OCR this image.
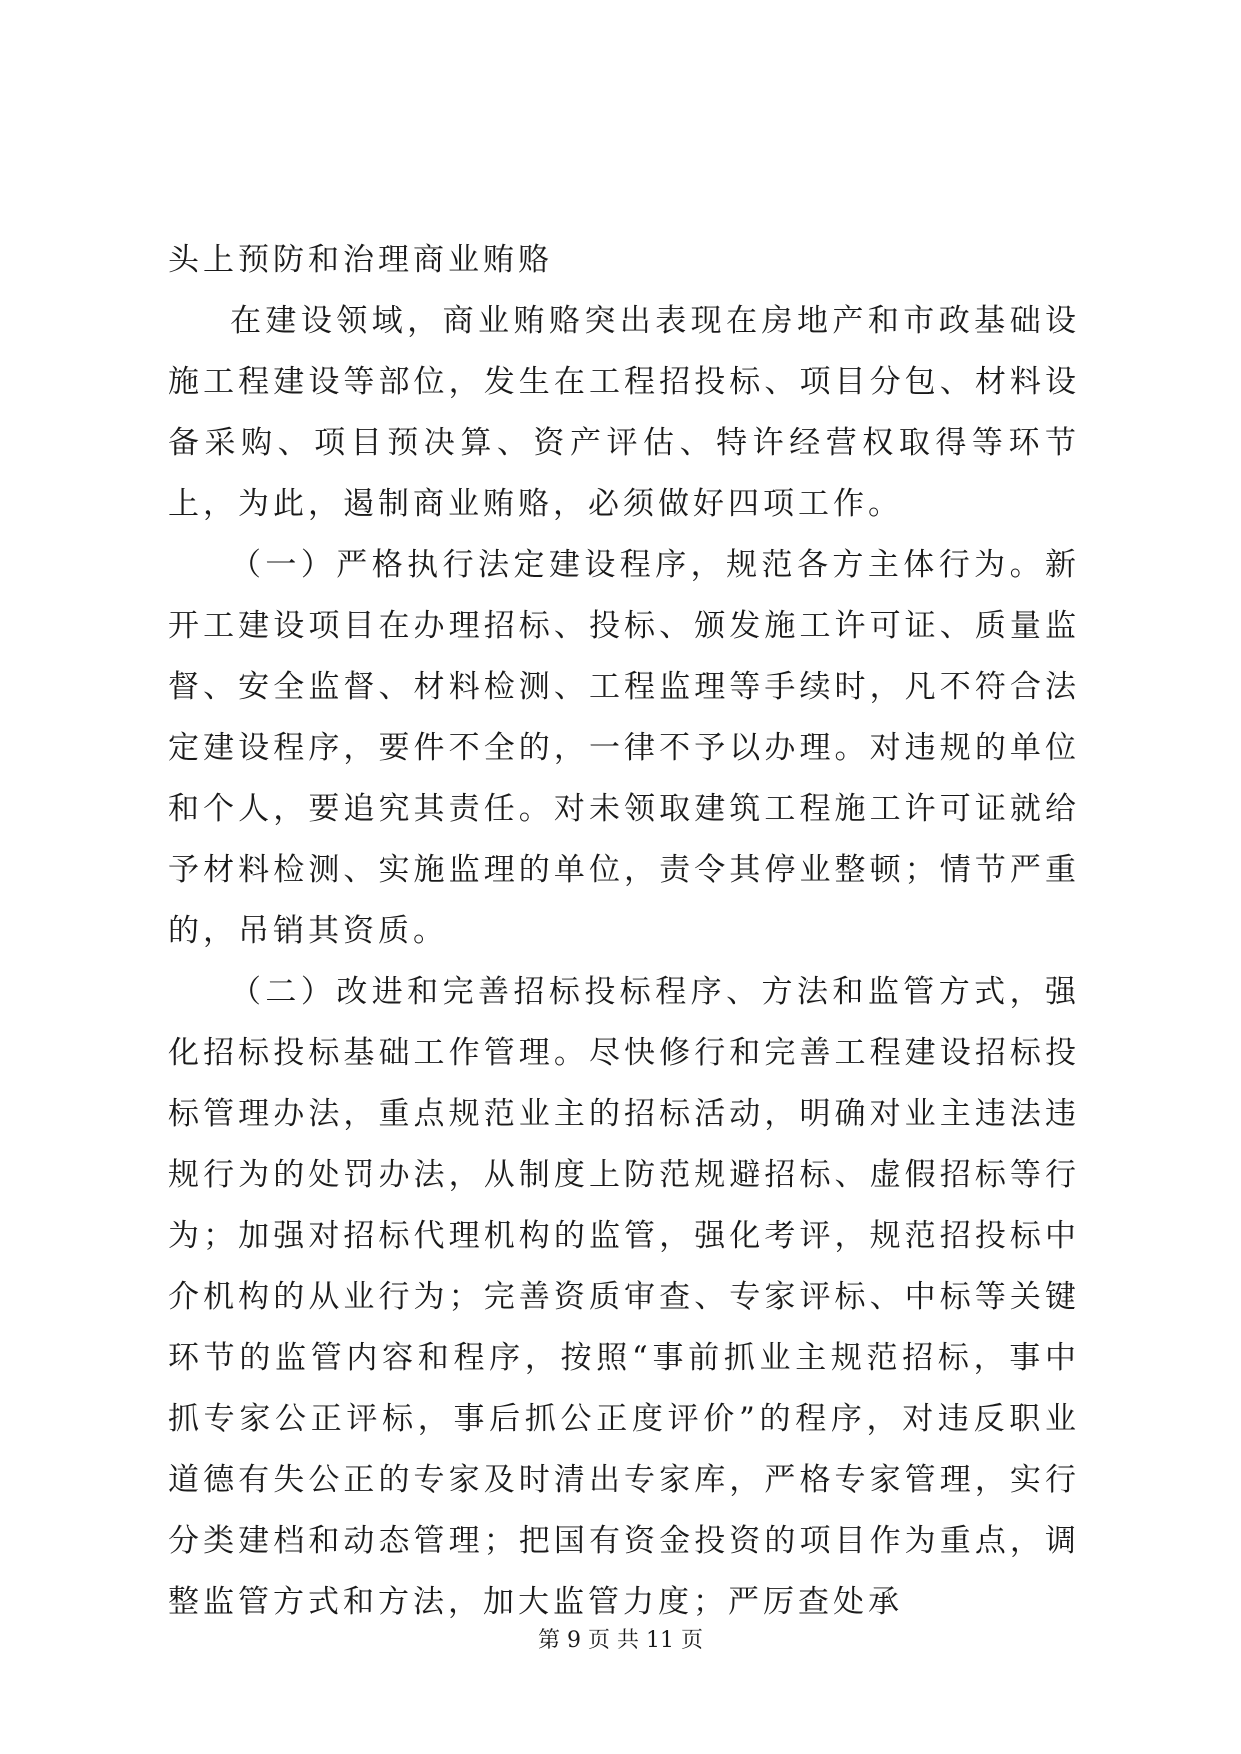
头上预防和治理商业贿赂

在建设领域，商业贿赂突出表现在房地产和市政基础设施工程建设等部位，发生在工程招投标、项目分包、材料设备采购、项目预决算、资产评估、特许经营权取得等环节上，为此，遏制商业贿赂，必须做好四项工作。

（一）严格执行法定建设程序，规范各方主体行为。新开工建设项目在办理招标、投标、颁发施工许可证、质量监督、安全监督、材料检测、工程监理等手续时，凡不符合法定建设程序，要件不全的，一律不予以办理。对违规的单位和个人，要追究其责任。对未领取建筑工程施工许可证就给予材料检测、实施监理的单位，责令其停业整顿；情节严重的，吊销其资质。

（二）改进和完善招标投标程序、方法和监管方式，强化招标投标基础工作管理。尽快修行和完善工程建设招标投标管理办法，重点规范业主的招标活动，明确对业主违法违规行为的处罚办法，从制度上防范规避招标、虚假招标等行为；加强对招标代理机构的监管，强化考评，规范招投标中介机构的从业行为；完善资质审查、专家评标、中标等关键环节的监管内容和程序，按照“事前抓业主规范招标，事中抓专家公正评标，事后抓公正度评价”的程序，对违反职业道德有失公正的专家及时清出专家库，严格专家管理，实行分类建档和动态管理；把国有资金投资的项目作为重点，调整监管方式和方法，加大监管力度；严厉查处承

第 9 页 共 11 页
